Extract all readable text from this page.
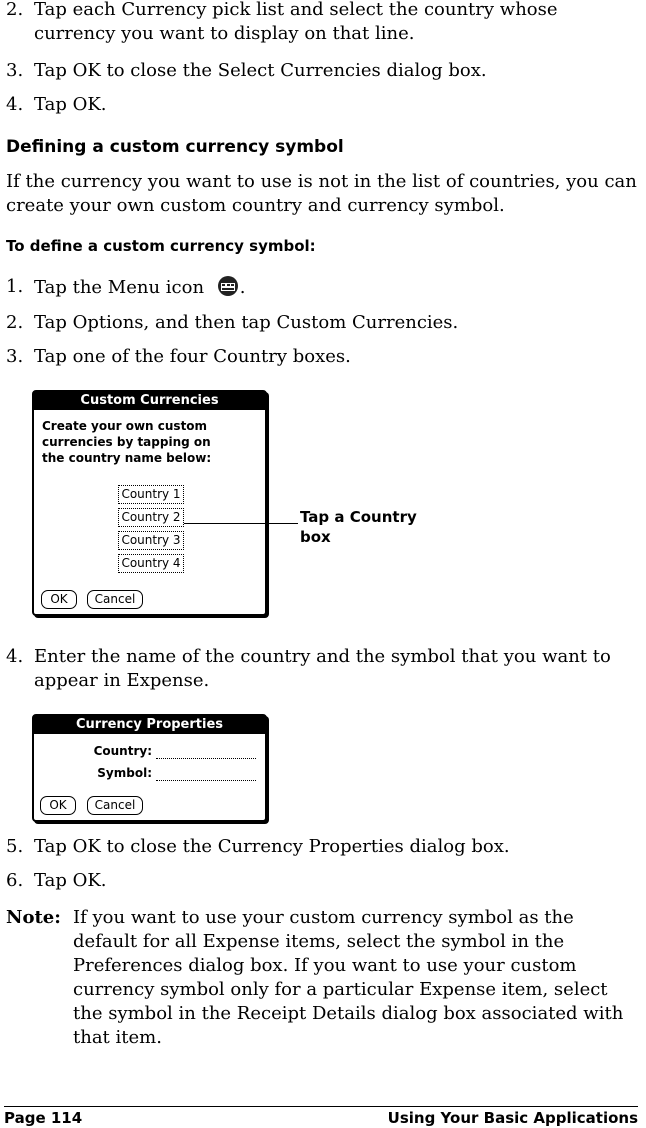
2. Tap each Currency pick list and select the country whose currency you want to display on that line.
3. Tap OK to close the Select Currencies dialog box.
4. Tap OK.
Defining a custom currency symbol
If the currency you want to use is not in the list of countries, you can create your own custom country and currency symbol.
To define a custom currency symbol:
1. Tap the Menu icon .
2. Tap Options, and then tap Custom Currencies.
3. Tap one of the four Country boxes.
Custom Currencies
Create your own custom
currencies by tapping on
the country name below:
Country 1
Country 2
Country 3
Country 4
OK	Cancel
Tap a Country
box
4. Enter the name of the country and the symbol that you want to appear in Expense.
Currency Properties
Country:
Symbol:
OK	Cancel
5. Tap OK to close the Currency Properties dialog box.
6. Tap OK.
Note: If you want to use your custom currency symbol as the default for all Expense items, select the symbol in the Preferences dialog box. If you want to use your custom currency symbol only for a particular Expense item, select the symbol in the Receipt Details dialog box associated with that item.
Page 114	Using Your Basic Applications
